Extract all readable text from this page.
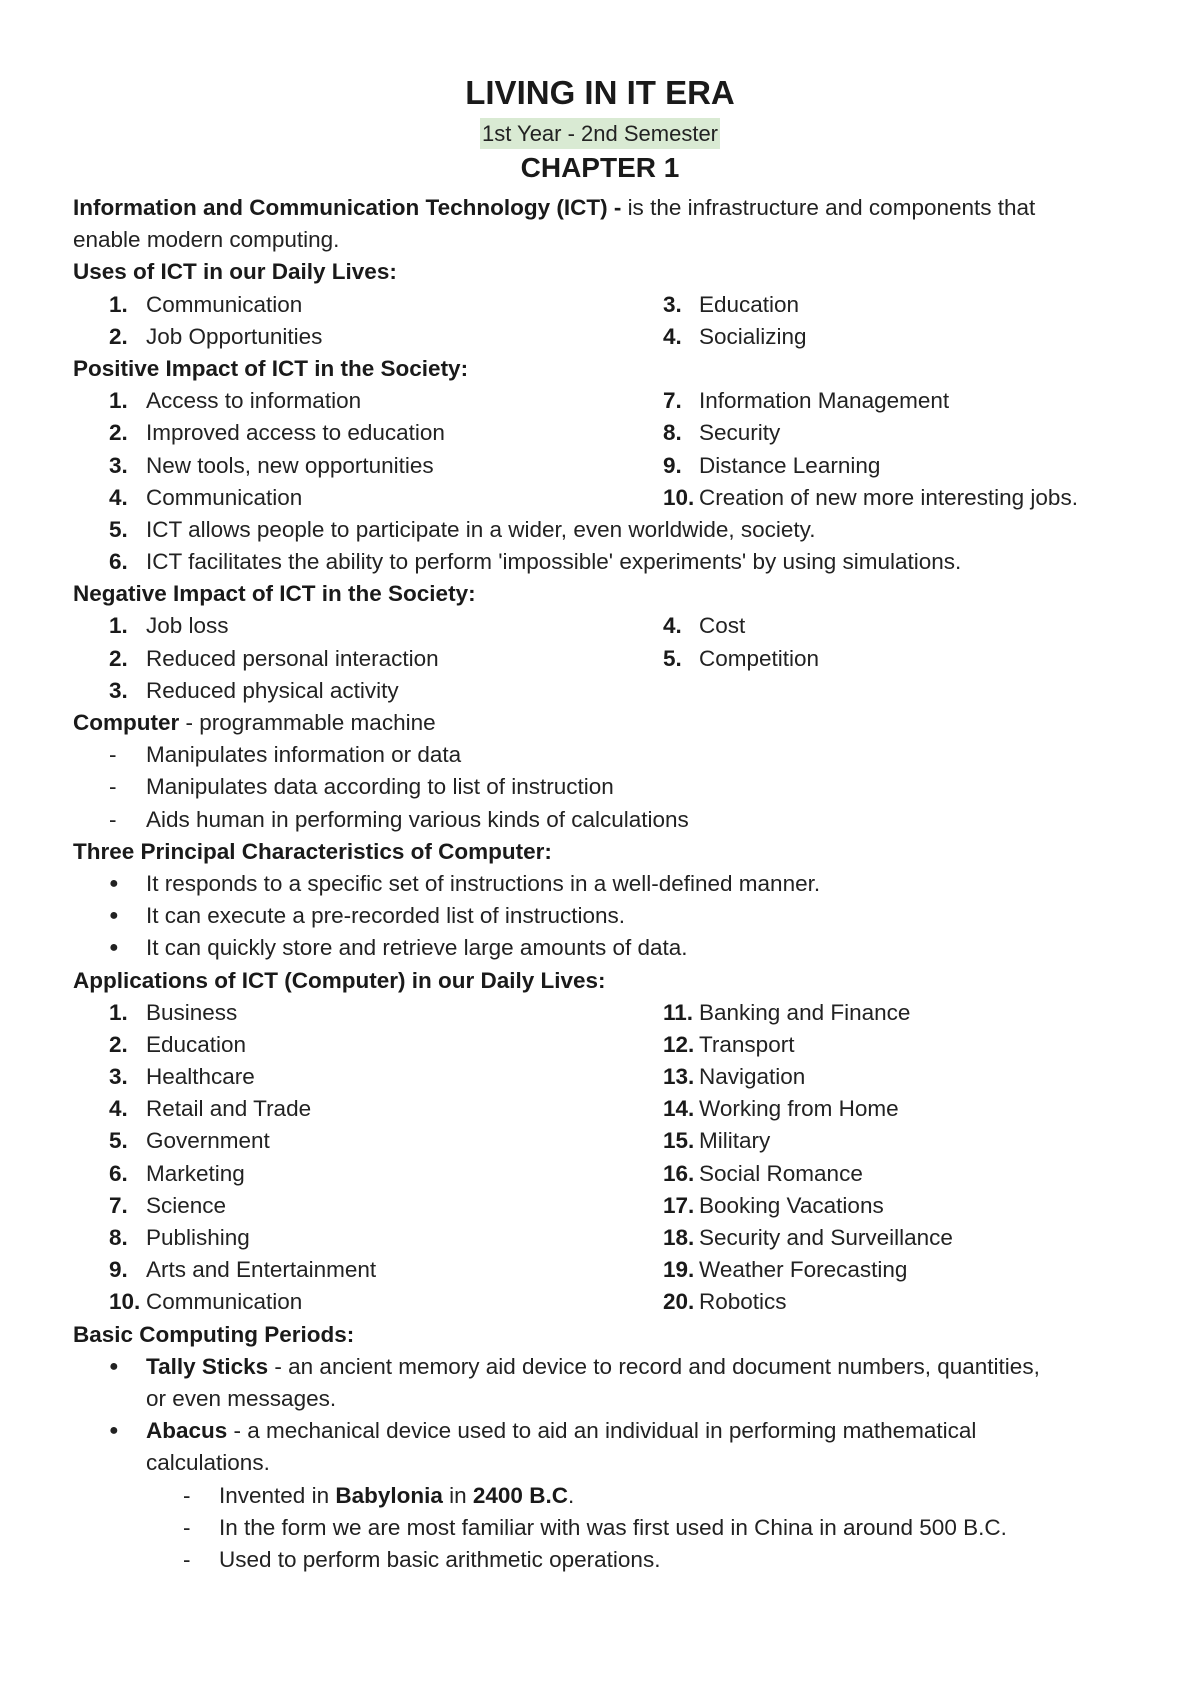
LIVING IN IT ERA
1st Year - 2nd Semester
CHAPTER 1
Information and Communication Technology (ICT) - is the infrastructure and components that
enable modern computing.
Uses of ICT in our Daily Lives:
1. Communication	3. Education
2. Job Opportunities	4. Socializing
Positive Impact of ICT in the Society:
1. Access to information	7. Information Management
2. Improved access to education	8. Security
3. New tools, new opportunities	9. Distance Learning
4. Communication	10. Creation of new more interesting jobs.
5. ICT allows people to participate in a wider, even worldwide, society.
6. ICT facilitates the ability to perform 'impossible' experiments' by using simulations.
Negative Impact of ICT in the Society:
1. Job loss	4. Cost
2. Reduced personal interaction	5. Competition
3. Reduced physical activity
Computer - programmable machine
- Manipulates information or data
- Manipulates data according to list of instruction
- Aids human in performing various kinds of calculations
Three Principal Characteristics of Computer:
● It responds to a specific set of instructions in a well-defined manner.
● It can execute a pre-recorded list of instructions.
● It can quickly store and retrieve large amounts of data.
Applications of ICT (Computer) in our Daily Lives:
1. Business	11. Banking and Finance
2. Education	12. Transport
3. Healthcare	13. Navigation
4. Retail and Trade	14. Working from Home
5. Government	15. Military
6. Marketing	16. Social Romance
7. Science	17. Booking Vacations
8. Publishing	18. Security and Surveillance
9. Arts and Entertainment	19. Weather Forecasting
10. Communication	20. Robotics
Basic Computing Periods:
● Tally Sticks - an ancient memory aid device to record and document numbers, quantities,
or even messages.
● Abacus - a mechanical device used to aid an individual in performing mathematical
calculations.
- Invented in Babylonia in 2400 B.C.
- In the form we are most familiar with was first used in China in around 500 B.C.
- Used to perform basic arithmetic operations.
